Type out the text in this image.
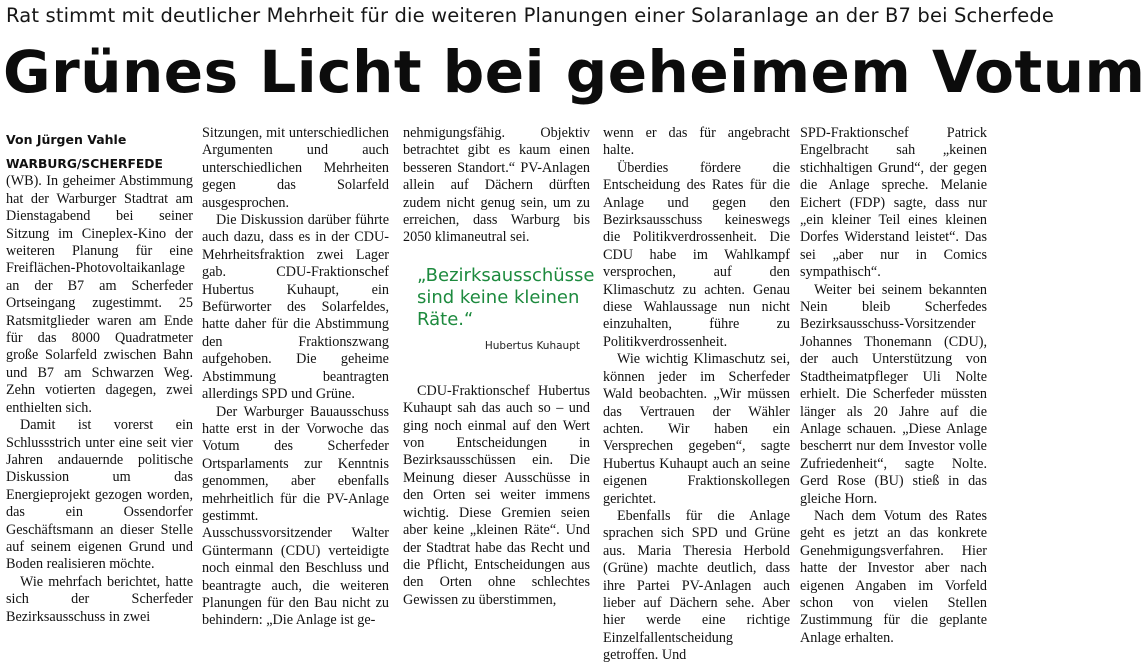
Rat stimmt mit deutlicher Mehrheit für die weiteren Planungen einer Solaranlage an der B7 bei Scherfede
Grünes Licht bei geheimem Votum

Von Jürgen Vahle

WARBURG/SCHERFEDE (WB). In geheimer Abstimmung hat der Warburger Stadtrat am Dienstagabend bei seiner Sitzung im Cineplex-Kino der weiteren Planung für eine Freiflächen-Photovoltaikanlage an der B7 am Scherfeder Ortseingang zugestimmt. 25 Ratsmitglieder waren am Ende für das 8000 Quadratmeter große Solarfeld zwischen Bahn und B7 am Schwarzen Weg. Zehn votierten dagegen, zwei enthielten sich.

Damit ist vorerst ein Schlussstrich unter eine seit vier Jahren andauernde politische Diskussion um das Energieprojekt gezogen worden, das ein Ossendorfer Geschäftsmann an dieser Stelle auf seinem eigenen Grund und Boden realisieren möchte.

Wie mehrfach berichtet, hatte sich der Scherfeder Bezirksausschuss in zwei

Sitzungen, mit unterschiedlichen Argumenten und auch unterschiedlichen Mehrheiten gegen das Solarfeld ausgesprochen.

Die Diskussion darüber führte auch dazu, dass es in der CDU-Mehrheitsfraktion zwei Lager gab. CDU-Fraktionschef Hubertus Kuhaupt, ein Befürworter des Solarfeldes, hatte daher für die Abstimmung den Fraktionszwang aufgehoben. Die geheime Abstimmung beantragten allerdings SPD und Grüne.

Der Warburger Bauausschuss hatte erst in der Vorwoche das Votum des Scherfeder Ortsparlaments zur Kenntnis genommen, aber ebenfalls mehrheitlich für die PV-Anlage gestimmt. Ausschussvorsitzender Walter Güntermann (CDU) verteidigte noch einmal den Beschluss und beantragte auch, die weiteren Planungen für den Bau nicht zu behindern: „Die Anlage ist ge-

nehmigungsfähig. Objektiv betrachtet gibt es kaum einen besseren Standort.“ PV-Anlagen allein auf Dächern dürften zudem nicht genug sein, um zu erreichen, dass Warburg bis 2050 klimaneutral sei.

„Bezirksausschüsse sind keine kleinen Räte.“
Hubertus Kuhaupt

CDU-Fraktionschef Hubertus Kuhaupt sah das auch so – und ging noch einmal auf den Wert von Entscheidungen in Bezirksausschüssen ein. Die Meinung dieser Ausschüsse in den Orten sei weiter immens wichtig. Diese Gremien seien aber keine „kleinen Räte“. Und der Stadtrat habe das Recht und die Pflicht, Entscheidungen aus den Orten ohne schlechtes Gewissen zu überstimmen,

wenn er das für angebracht halte.

Überdies fördere die Entscheidung des Rates für die Anlage und gegen den Bezirksausschuss keineswegs die Politikverdrossenheit. Die CDU habe im Wahlkampf versprochen, auf den Klimaschutz zu achten. Genau diese Wahlaussage nun nicht einzuhalten, führe zu Politikverdrossenheit.

Wie wichtig Klimaschutz sei, können jeder im Scherfeder Wald beobachten. „Wir müssen das Vertrauen der Wähler achten. Wir haben ein Versprechen gegeben“, sagte Hubertus Kuhaupt auch an seine eigenen Fraktionskollegen gerichtet.

Ebenfalls für die Anlage sprachen sich SPD und Grüne aus. Maria Theresia Herbold (Grüne) machte deutlich, dass ihre Partei PV-Anlagen auch lieber auf Dächern sehe. Aber hier werde eine richtige Einzelfallentscheidung getroffen. Und

SPD-Fraktionschef Patrick Engelbracht sah „keinen stichhaltigen Grund“, der gegen die Anlage spreche. Melanie Eichert (FDP) sagte, dass nur „ein kleiner Teil eines kleinen Dorfes Widerstand leistet“. Das sei „aber nur in Comics sympathisch“.

Weiter bei seinem bekannten Nein bleib Scherfedes Bezirksausschuss-Vorsitzender Johannes Thonemann (CDU), der auch Unterstützung von Stadtheimatpfleger Uli Nolte erhielt. Die Scherfeder müssten länger als 20 Jahre auf die Anlage schauen. „Diese Anlage bescherrt nur dem Investor volle Zufriedenheit“, sagte Nolte. Gerd Rose (BU) stieß in das gleiche Horn.

Nach dem Votum des Rates geht es jetzt an das konkrete Genehmigungsverfahren. Hier hatte der Investor aber nach eigenen Angaben im Vorfeld schon von vielen Stellen Zustimmung für die geplante Anlage erhalten.
